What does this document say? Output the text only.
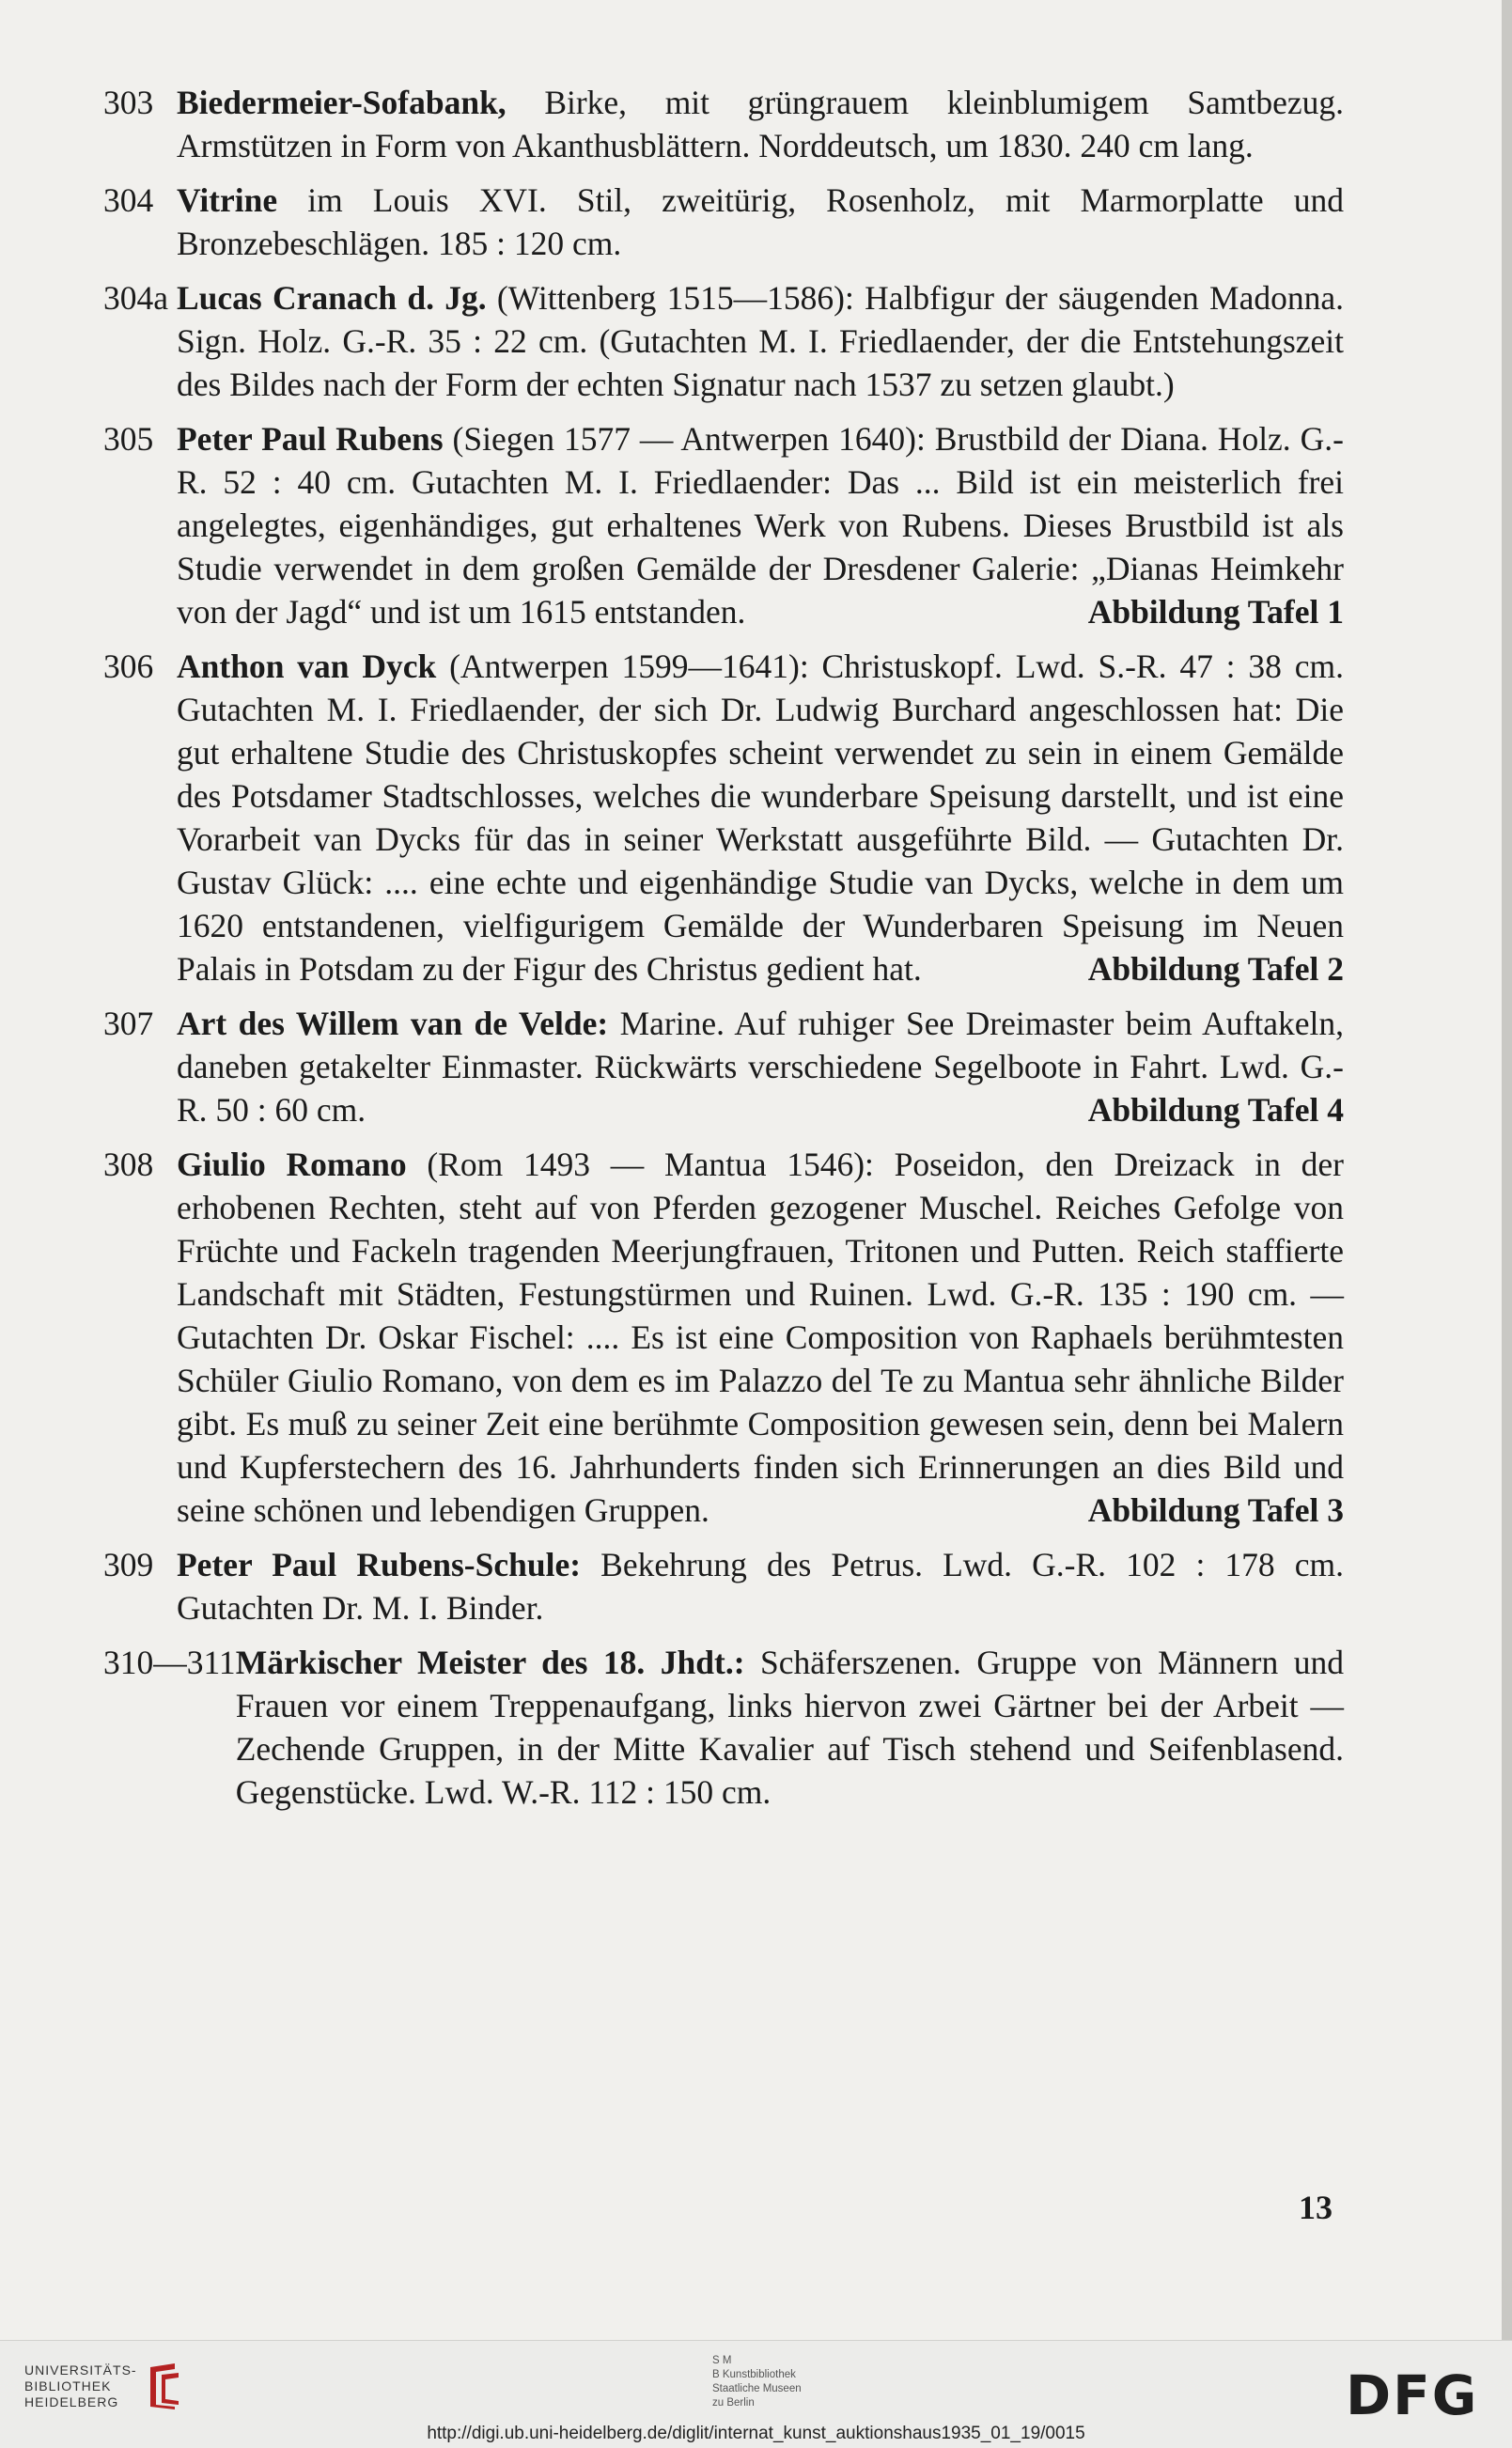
303 Biedermeier-Sofabank, Birke, mit grüngrauem kleinblumigem Samtbezug. Armstützen in Form von Akanthusblättern. Norddeutsch, um 1830. 240 cm lang.
304 Vitrine im Louis XVI. Stil, zweitürig, Rosenholz, mit Marmorplatte und Bronzebeschlägen. 185 : 120 cm.
304a Lucas Cranach d. Jg. (Wittenberg 1515—1586): Halbfigur der säugenden Madonna. Sign. Holz. G.-R. 35 : 22 cm. (Gutachten M. I. Friedlaender, der die Entstehungszeit des Bildes nach der Form der echten Signatur nach 1537 zu setzen glaubt.)
305 Peter Paul Rubens (Siegen 1577 — Antwerpen 1640): Brustbild der Diana. Holz. G.-R. 52 : 40 cm. Gutachten M. I. Friedlaender: Das ... Bild ist ein meisterlich frei angelegtes, eigenhändiges, gut erhaltenes Werk von Rubens. Dieses Brustbild ist als Studie verwendet in dem großen Gemälde der Dresdener Galerie: „Dianas Heimkehr von der Jagd“ und ist um 1615 entstanden.	Abbildung Tafel 1
306 Anthon van Dyck (Antwerpen 1599—1641): Christuskopf. Lwd. S.-R. 47 : 38 cm. Gutachten M. I. Friedlaender, der sich Dr. Ludwig Burchard angeschlossen hat: Die gut erhaltene Studie des Christuskopfes scheint verwendet zu sein in einem Gemälde des Potsdamer Stadtschlosses, welches die wunderbare Speisung darstellt, und ist eine Vorarbeit van Dycks für das in seiner Werkstatt ausgeführte Bild. — Gutachten Dr. Gustav Glück: .... eine echte und eigenhändige Studie van Dycks, welche in dem um 1620 entstandenen, vielfigurigem Gemälde der Wunderbaren Speisung im Neuen Palais in Potsdam zu der Figur des Christus gedient hat.	Abbildung Tafel 2
307 Art des Willem van de Velde: Marine. Auf ruhiger See Dreimaster beim Auftakeln, daneben getakelter Einmaster. Rückwärts verschiedene Segelboote in Fahrt. Lwd. G.-R. 50 : 60 cm.	Abbildung Tafel 4
308 Giulio Romano (Rom 1493 — Mantua 1546): Poseidon, den Dreizack in der erhobenen Rechten, steht auf von Pferden gezogener Muschel. Reiches Gefolge von Früchte und Fackeln tragenden Meerjungfrauen, Tritonen und Putten. Reich staffierte Landschaft mit Städten, Festungstürmen und Ruinen. Lwd. G.-R. 135 : 190 cm. — Gutachten Dr. Oskar Fischel: .... Es ist eine Composition von Raphaels berühmtesten Schüler Giulio Romano, von dem es im Palazzo del Te zu Mantua sehr ähnliche Bilder gibt. Es muß zu seiner Zeit eine berühmte Composition gewesen sein, denn bei Malern und Kupferstechern des 16. Jahrhunderts finden sich Erinnerungen an dies Bild und seine schönen und lebendigen Gruppen.	Abbildung Tafel 3
309 Peter Paul Rubens-Schule: Bekehrung des Petrus. Lwd. G.-R. 102 : 178 cm. Gutachten Dr. M. I. Binder.
310—311 Märkischer Meister des 18. Jhdt.: Schäferszenen. Gruppe von Männern und Frauen vor einem Treppenaufgang, links hiervon zwei Gärtner bei der Arbeit — Zechende Gruppen, in der Mitte Kavalier auf Tisch stehend und Seifenblasend. Gegenstücke. Lwd. W.-R. 112 : 150 cm.
13
UNIVERSITÄTS-
BIBLIOTHEK
HEIDELBERG
S M
B Kunstbibliothek
Staatliche Museen
zu Berlin	DFG
http://digi.ub.uni-heidelberg.de/diglit/internat_kunst_auktionshaus1935_01_19/0015
